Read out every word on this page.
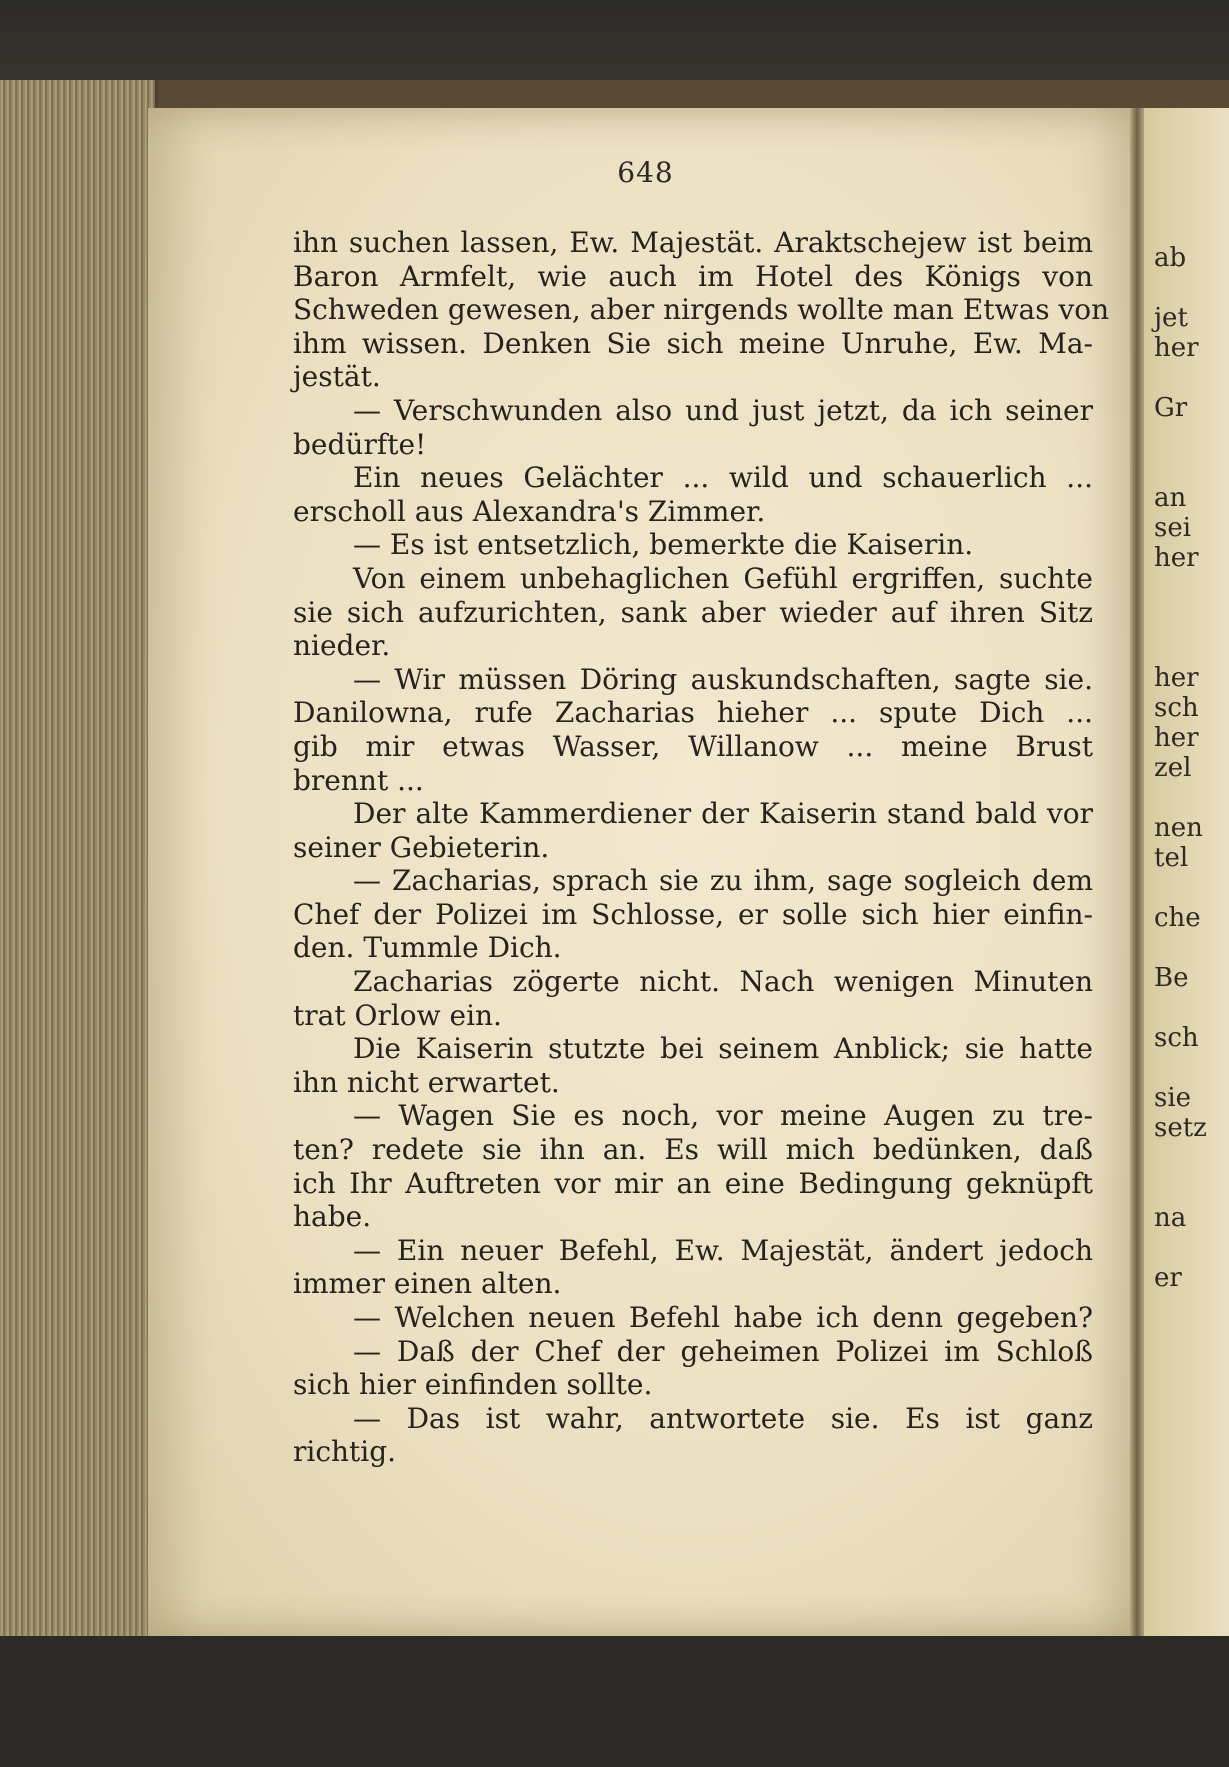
648
ihn suchen lassen, Ew. Majestät. Araktschejew ist beim
Baron Armfelt, wie auch im Hotel des Königs von
Schweden gewesen, aber nirgends wollte man Etwas von
ihm wissen. Denken Sie sich meine Unruhe, Ew. Ma-
jestät.
— Verschwunden also und just jetzt, da ich seiner
bedürfte!
Ein neues Gelächter ... wild und schauerlich ...
erscholl aus Alexandra's Zimmer.
— Es ist entsetzlich, bemerkte die Kaiserin.
Von einem unbehaglichen Gefühl ergriffen, suchte
sie sich aufzurichten, sank aber wieder auf ihren Sitz
nieder.
— Wir müssen Döring auskundschaften, sagte sie.
Danilowna, rufe Zacharias hieher ... spute Dich ...
gib mir etwas Wasser, Willanow ... meine Brust
brennt ...
Der alte Kammerdiener der Kaiserin stand bald vor
seiner Gebieterin.
— Zacharias, sprach sie zu ihm, sage sogleich dem
Chef der Polizei im Schlosse, er solle sich hier einfin-
den. Tummle Dich.
Zacharias zögerte nicht. Nach wenigen Minuten
trat Orlow ein.
Die Kaiserin stutzte bei seinem Anblick; sie hatte
ihn nicht erwartet.
— Wagen Sie es noch, vor meine Augen zu tre-
ten? redete sie ihn an. Es will mich bedünken, daß
ich Ihr Auftreten vor mir an eine Bedingung geknüpft
habe.
— Ein neuer Befehl, Ew. Majestät, ändert jedoch
immer einen alten.
— Welchen neuen Befehl habe ich denn gegeben?
— Daß der Chef der geheimen Polizei im Schloß
sich hier einfinden sollte.
— Das ist wahr, antwortete sie. Es ist ganz
richtig.
ab
jet
her
Gr
an
sei
her
her
sch
her
zel
nen
tel
che
Be
sch
sie
setz
na
er
